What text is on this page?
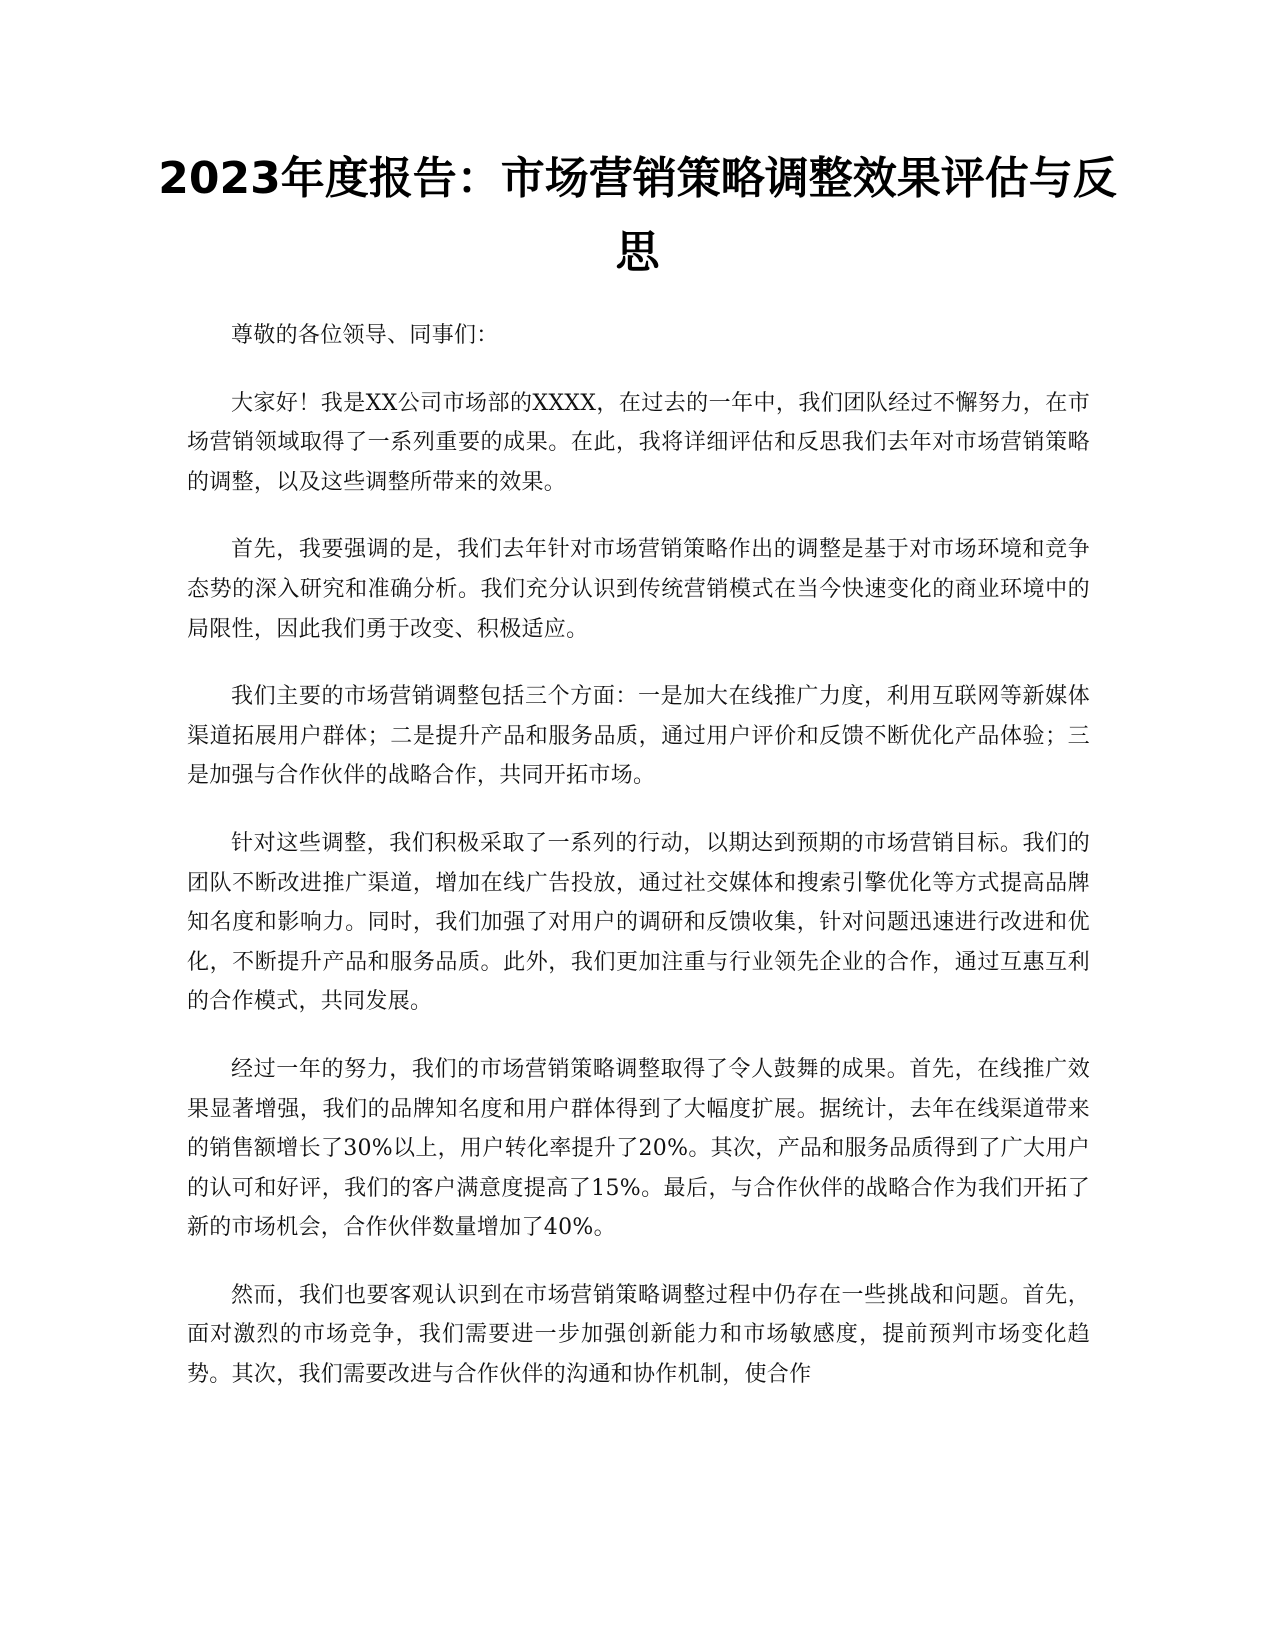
2023年度报告：市场营销策略调整效果评估与反思

尊敬的各位领导、同事们：

大家好！我是XX公司市场部的XXXX，在过去的一年中，我们团队经过不懈努力，在市场营销领域取得了一系列重要的成果。在此，我将详细评估和反思我们去年对市场营销策略的调整，以及这些调整所带来的效果。

首先，我要强调的是，我们去年针对市场营销策略作出的调整是基于对市场环境和竞争态势的深入研究和准确分析。我们充分认识到传统营销模式在当今快速变化的商业环境中的局限性，因此我们勇于改变、积极适应。

我们主要的市场营销调整包括三个方面：一是加大在线推广力度，利用互联网等新媒体渠道拓展用户群体；二是提升产品和服务品质，通过用户评价和反馈不断优化产品体验；三是加强与合作伙伴的战略合作，共同开拓市场。

针对这些调整，我们积极采取了一系列的行动，以期达到预期的市场营销目标。我们的团队不断改进推广渠道，增加在线广告投放，通过社交媒体和搜索引擎优化等方式提高品牌知名度和影响力。同时，我们加强了对用户的调研和反馈收集，针对问题迅速进行改进和优化，不断提升产品和服务品质。此外，我们更加注重与行业领先企业的合作，通过互惠互利的合作模式，共同发展。

经过一年的努力，我们的市场营销策略调整取得了令人鼓舞的成果。首先，在线推广效果显著增强，我们的品牌知名度和用户群体得到了大幅度扩展。据统计，去年在线渠道带来的销售额增长了30%以上，用户转化率提升了20%。其次，产品和服务品质得到了广大用户的认可和好评，我们的客户满意度提高了15%。最后，与合作伙伴的战略合作为我们开拓了新的市场机会，合作伙伴数量增加了40%。

然而，我们也要客观认识到在市场营销策略调整过程中仍存在一些挑战和问题。首先，面对激烈的市场竞争，我们需要进一步加强创新能力和市场敏感度，提前预判市场变化趋势。其次，我们需要改进与合作伙伴的沟通和协作机制，使合作
